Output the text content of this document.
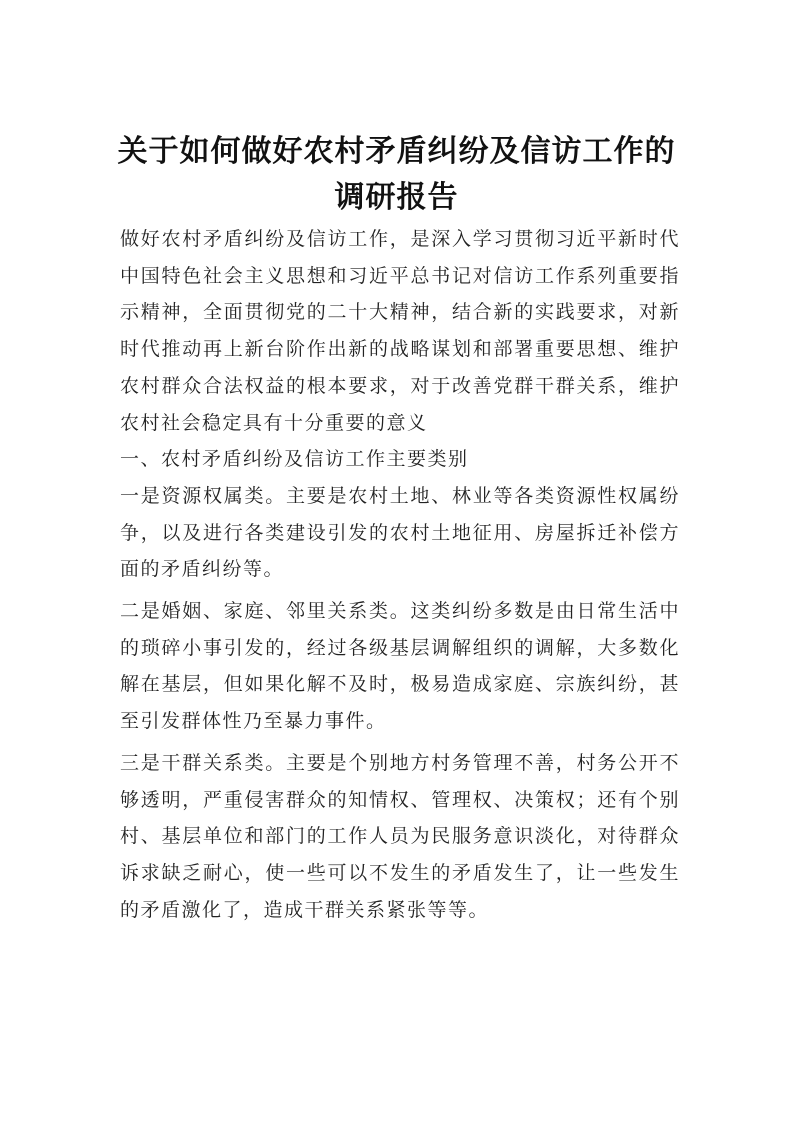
关于如何做好农村矛盾纠纷及信访工作的
调研报告

做好农村矛盾纠纷及信访工作，是深入学习贯彻习近平新时代中国特色社会主义思想和习近平总书记对信访工作系列重要指示精神，全面贯彻党的二十大精神，结合新的实践要求，对新时代推动再上新台阶作出新的战略谋划和部署重要思想、维护农村群众合法权益的根本要求，对于改善党群干群关系，维护农村社会稳定具有十分重要的意义

一、农村矛盾纠纷及信访工作主要类别

一是资源权属类。主要是农村土地、林业等各类资源性权属纷争，以及进行各类建设引发的农村土地征用、房屋拆迁补偿方面的矛盾纠纷等。

二是婚姻、家庭、邻里关系类。这类纠纷多数是由日常生活中的琐碎小事引发的，经过各级基层调解组织的调解，大多数化解在基层，但如果化解不及时，极易造成家庭、宗族纠纷，甚至引发群体性乃至暴力事件。

三是干群关系类。主要是个别地方村务管理不善，村务公开不够透明，严重侵害群众的知情权、管理权、决策权；还有个别村、基层单位和部门的工作人员为民服务意识淡化，对待群众诉求缺乏耐心，使一些可以不发生的矛盾发生了，让一些发生的矛盾激化了，造成干群关系紧张等等。
